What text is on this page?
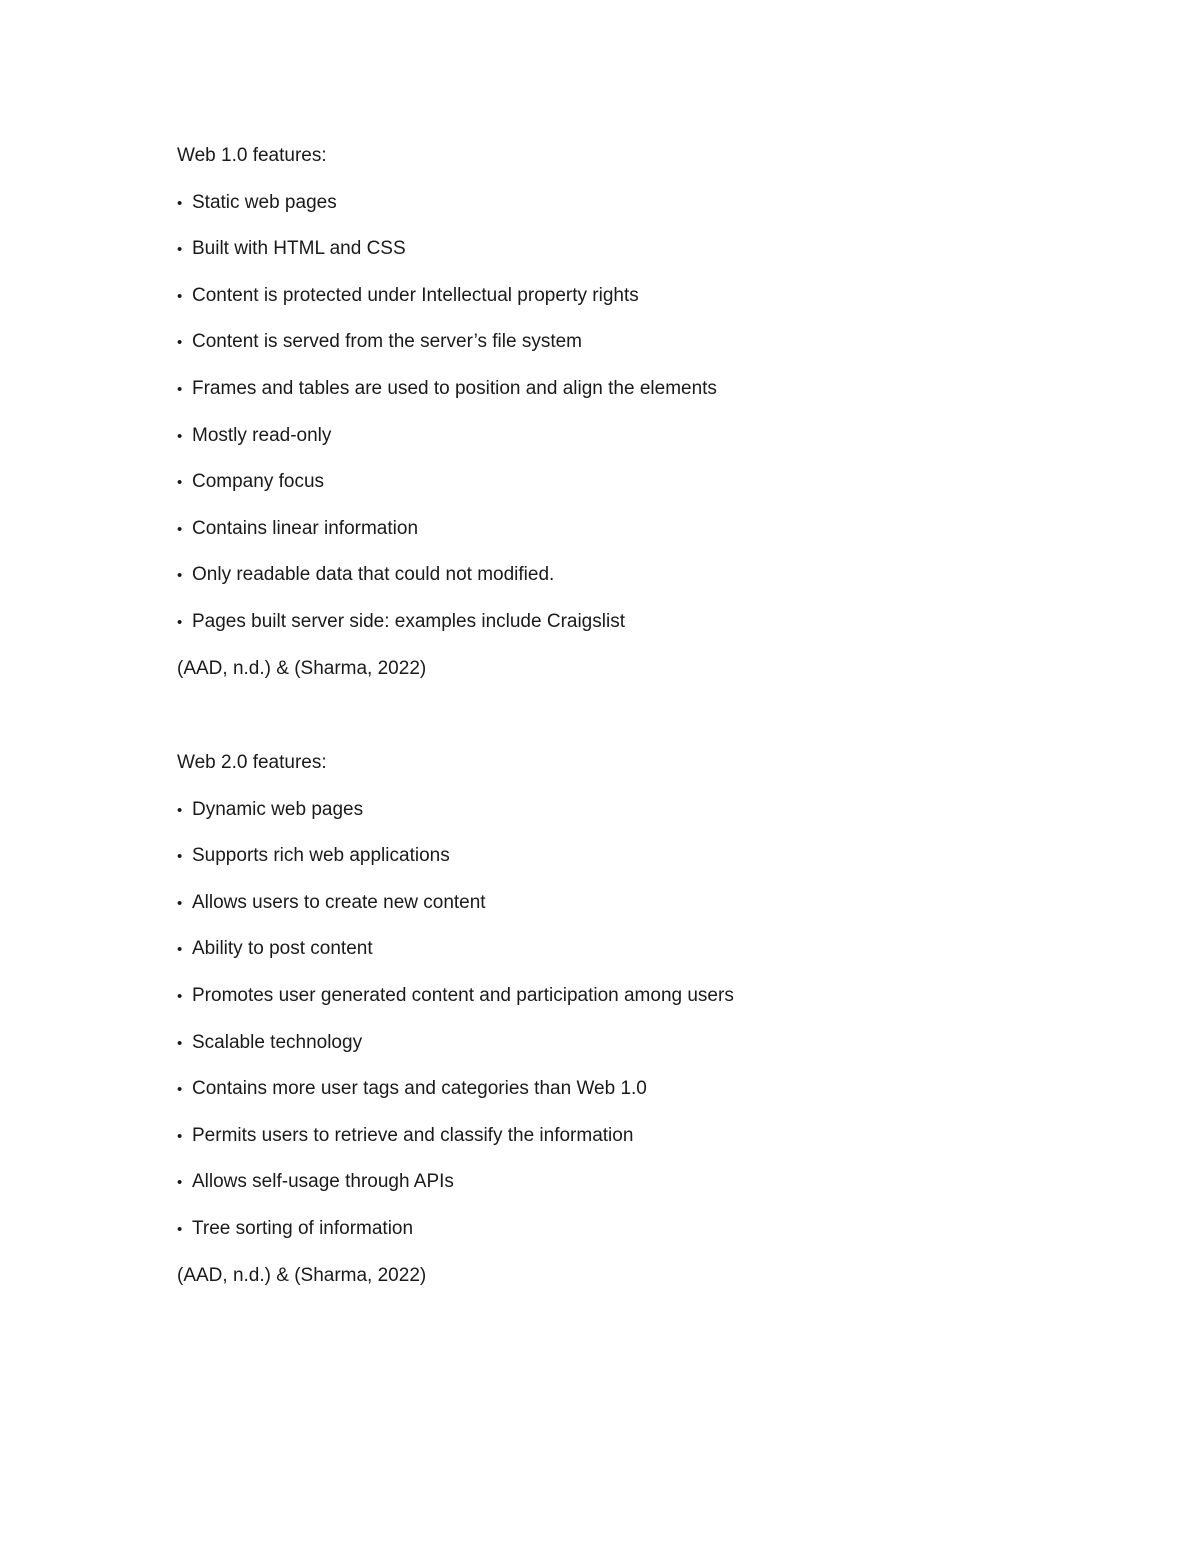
Web 1.0 features:
• Static web pages
• Built with HTML and CSS
• Content is protected under Intellectual property rights
• Content is served from the server’s file system
• Frames and tables are used to position and align the elements
• Mostly read-only
• Company focus
• Contains linear information
• Only readable data that could not modified.
• Pages built server side: examples include Craigslist
(AAD, n.d.) & (Sharma, 2022)
Web 2.0 features:
• Dynamic web pages
• Supports rich web applications
• Allows users to create new content
• Ability to post content
• Promotes user generated content and participation among users
• Scalable technology
• Contains more user tags and categories than Web 1.0
• Permits users to retrieve and classify the information
• Allows self-usage through APIs
• Tree sorting of information
(AAD, n.d.) & (Sharma, 2022)
